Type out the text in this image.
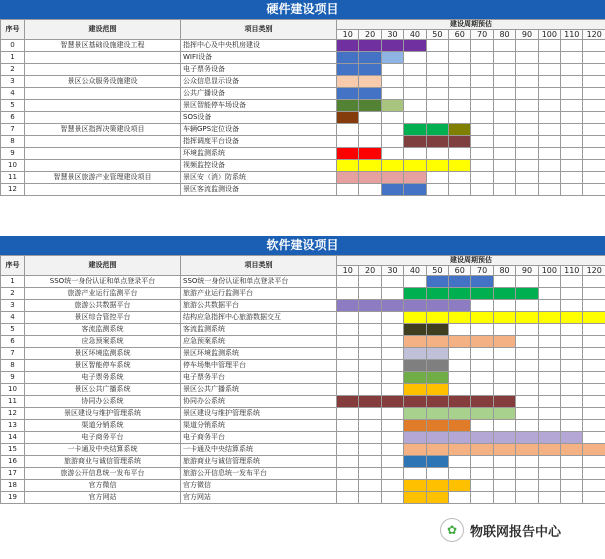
硬件建设项目
序号	建设范围	项目类别	建设周期预估											
			10	20	30	40	50	60	70	80	90	100	110	120
0	智慧景区基础设施建设工程	指挥中心及中央机房建设												
1		WIFI设备												
2		电子票务设备												
3	景区公众服务设施建设	公众信息显示设备												
4		公共广播设备												
5		景区智能停车场设备												
6		SOS设备												
7	智慧景区指挥决策建设项目	车辆GPS定位设备												
8		指挥调度平台设备												
9		环境监测系统												
10		视频监控设备												
11	智慧景区旅游产业管理建设项目	景区安（消）防系统												
12		景区客流监测设备												
软件建设项目
序号	建设范围	项目类别	建设周期预估											
			10	20	30	40	50	60	70	80	90	100	110	120
1	SSO统一身份认证和单点登录平台	SSO统一身份认证和单点登录平台												
2	旅游产业运行监测平台	旅游产业运行监测平台												
3	旅游公共数据平台	旅游公共数据平台												
4	景区综合管控平台	结构应急指挥中心旅游数据交互												
5	客流监测系统	客流监测系统												
6	应急预案系统	应急预案系统												
7	景区环境监测系统	景区环境监测系统												
8	景区智能停车系统	停车场集中管理平台												
9	电子票务系统	电子票务平台												
10	景区公共广播系统	景区公共广播系统												
11	协同办公系统	协同办公系统												
12	景区建设与维护管理系统	景区建设与维护管理系统												
13	渠道分销系统	渠道分销系统												
14	电子商务平台	电子商务平台												
15	一卡通及中央结算系统	一卡通及中央结算系统												
16	旅游商业与诚信管理系统	旅游商业与诚信管理系统												
17	旅游公开信息统一发布平台	旅游公开信息统一发布平台												
18	官方微信	官方微信												
19	官方网站	官方网站												
✿ 物联网报告中心
